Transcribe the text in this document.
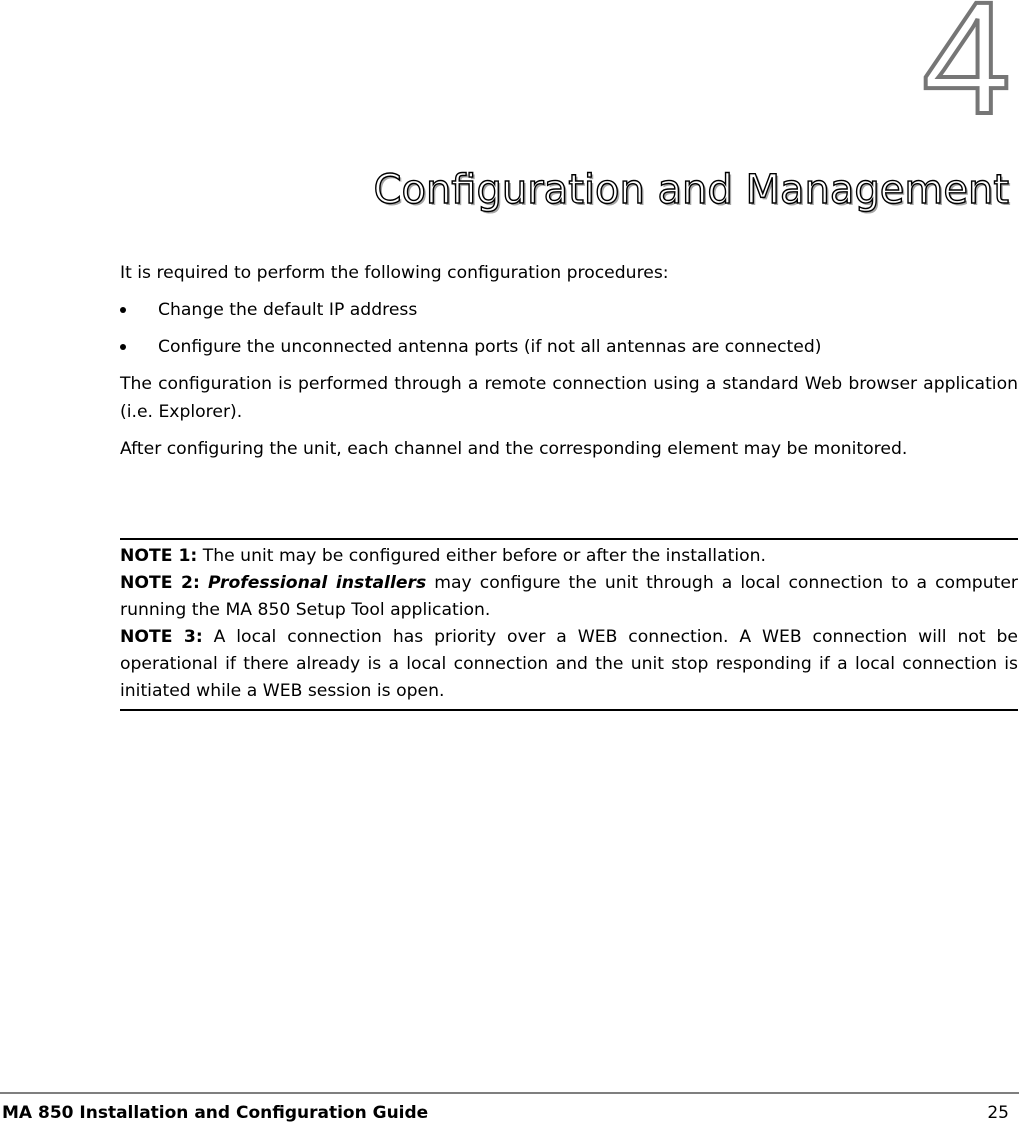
4
Configuration and Management

It is required to perform the following configuration procedures:

Change the default IP address
Configure the unconnected antenna ports (if not all antennas are connected)

The configuration is performed through a remote connection using a standard Web browser application (i.e. Explorer).

After configuring the unit, each channel and the corresponding element may be monitored.

NOTE 1: The unit may be configured either before or after the installation.

NOTE 2: Professional installers may configure the unit through a local connection to a computer running the MA 850 Setup Tool application.

NOTE 3: A local connection has priority over a WEB connection. A WEB connection will not be operational if there already is a local connection and the unit stop responding if a local connection is initiated while a WEB session is open.

MA 850 Installation and Configuration Guide	25
